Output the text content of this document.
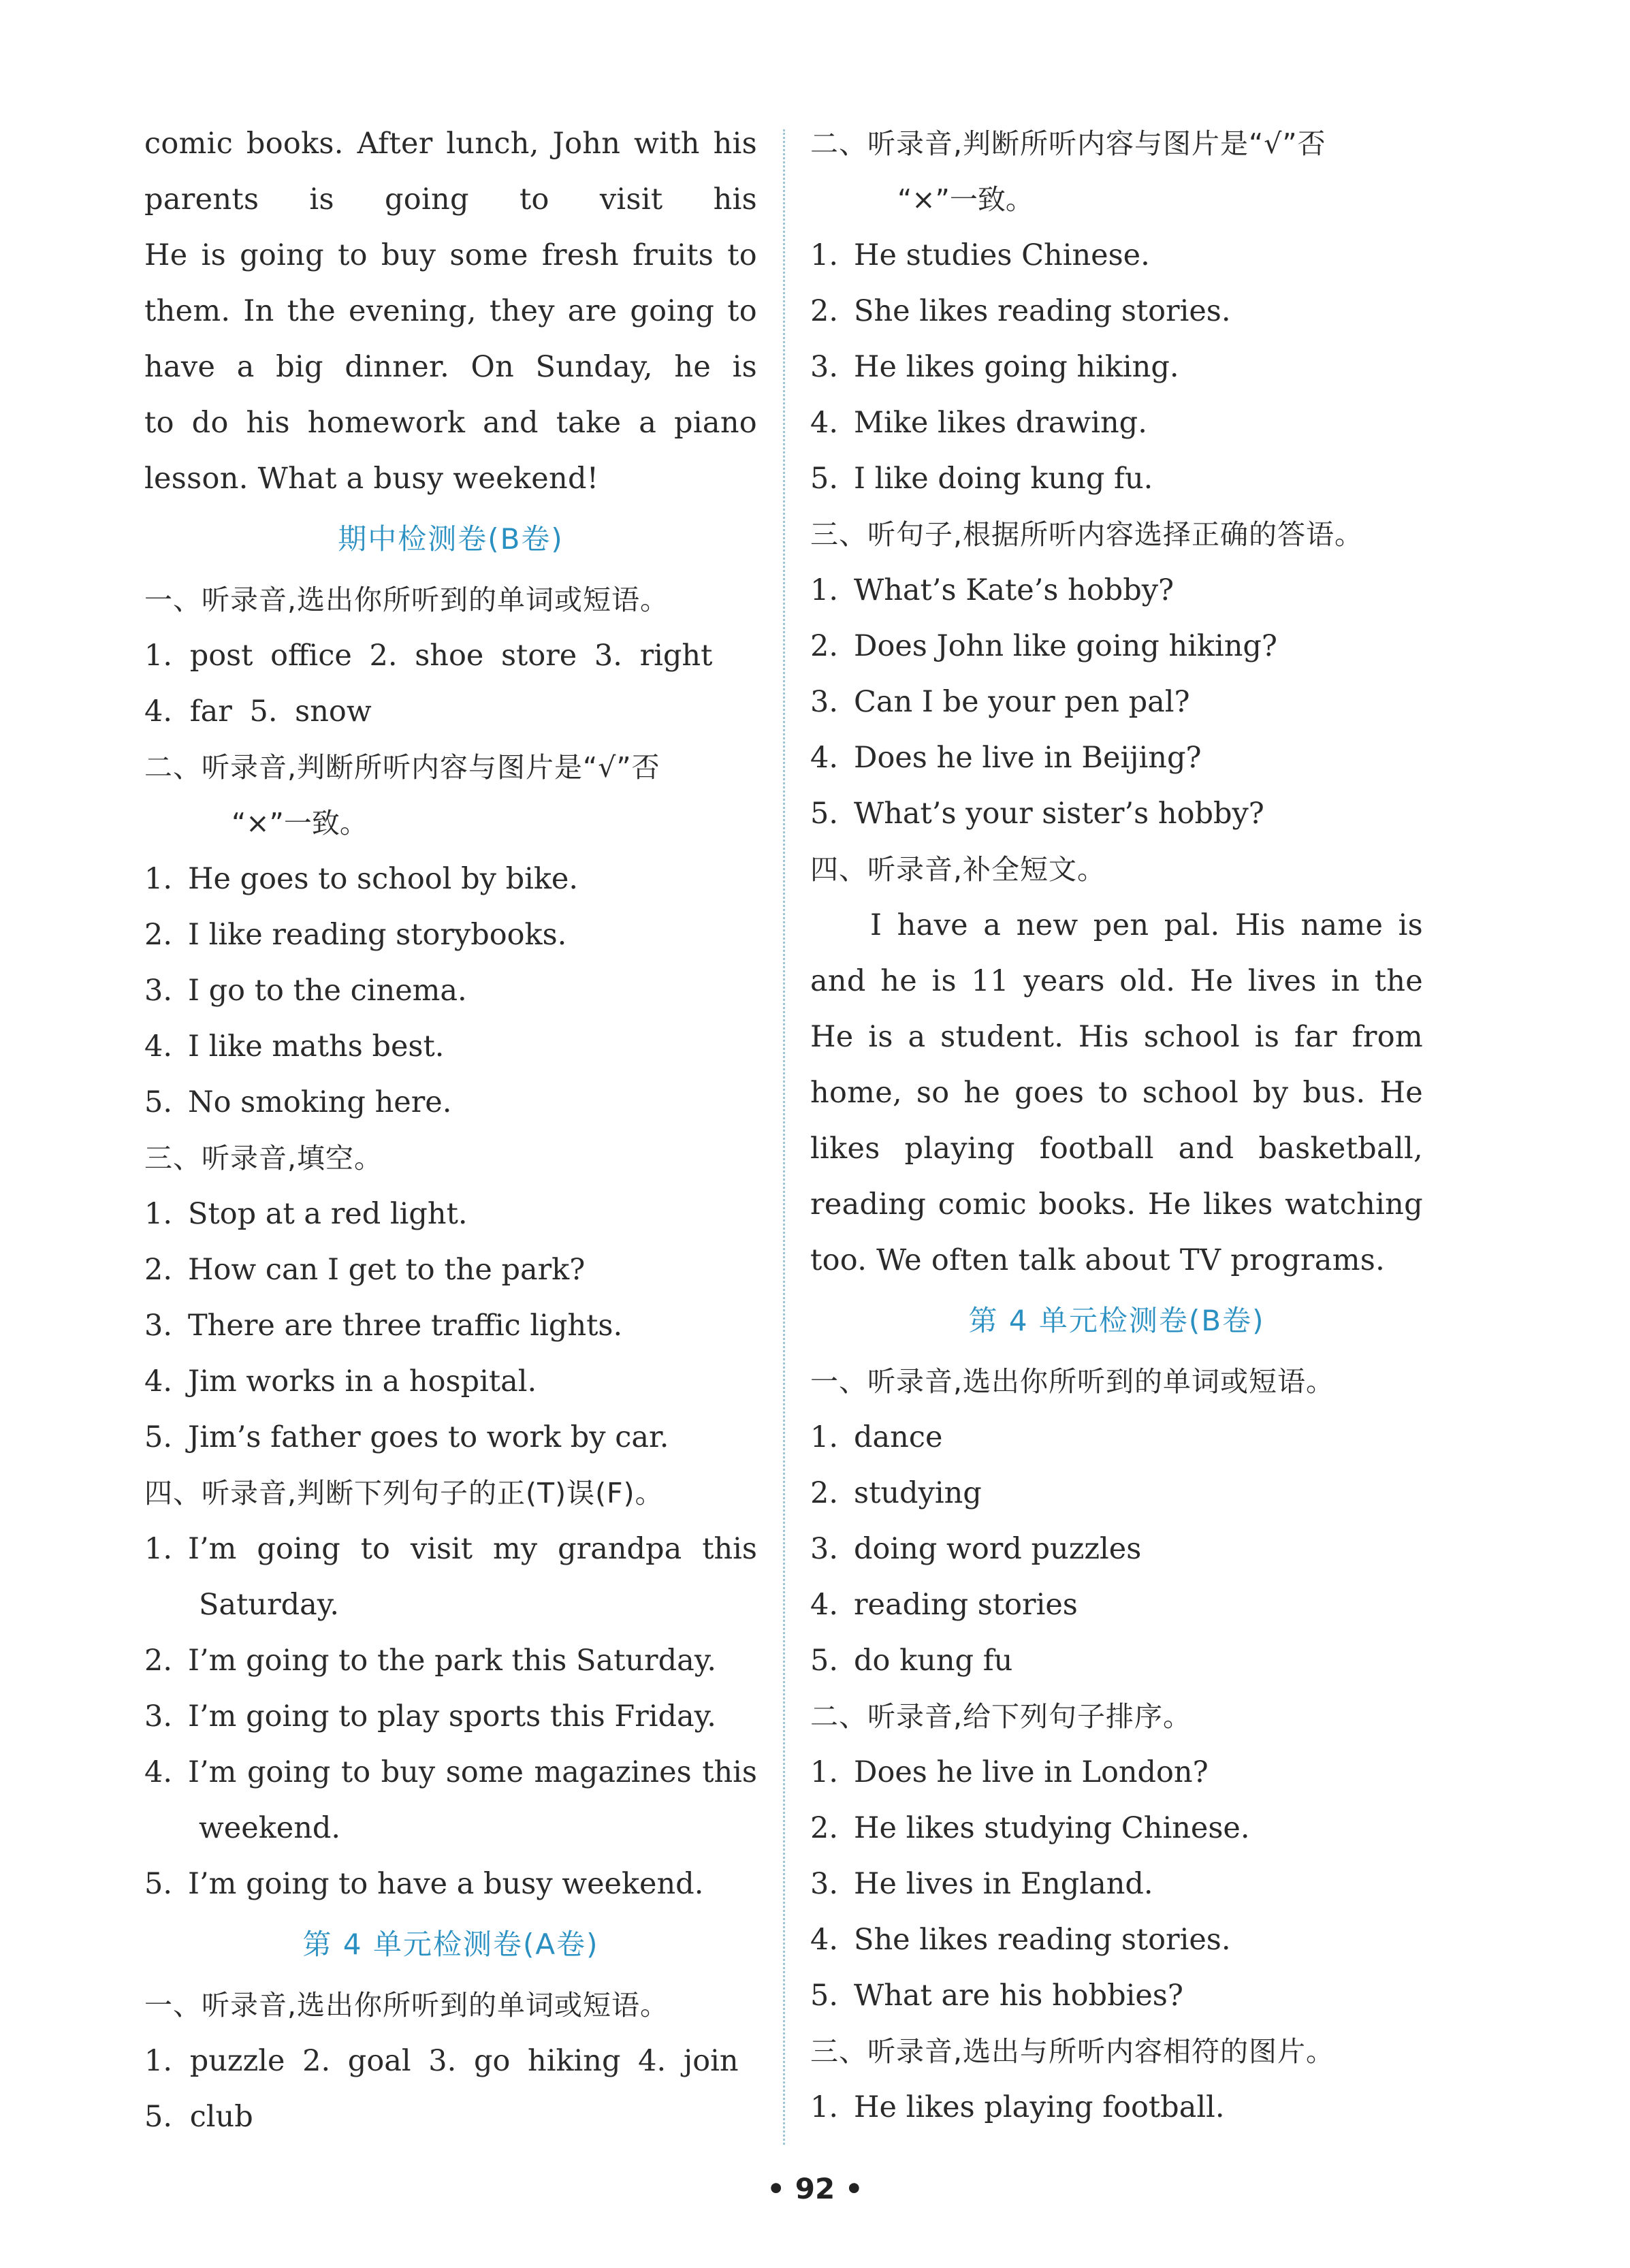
comic books. After lunch, John with his
parents is going to visit his
He is going to buy some fresh fruits to
them. In the evening, they are going to
have a big dinner. On Sunday, he is
to do his homework and take a piano
lesson. What a busy weekend!
期中检测卷(B卷)
一、听录音,选出你所听到的单词或短语。
1. post office 2. shoe store 3. right
4. far 5. snow
二、听录音,判断所听内容与图片是“√”否
“×”一致。
1. He goes to school by bike.
2. I like reading storybooks.
3. I go to the cinema.
4. I like maths best.
5. No smoking here.
三、听录音,填空。
1. Stop at a red light.
2. How can I get to the park?
3. There are three traffic lights.
4. Jim works in a hospital.
5. Jim’s father goes to work by car.
四、听录音,判断下列句子的正(T)误(F)。
1. I’m going to visit my grandpa this
Saturday.
2. I’m going to the park this Saturday.
3. I’m going to play sports this Friday.
4. I’m going to buy some magazines this
weekend.
5. I’m going to have a busy weekend.
第 4 单元检测卷(A卷)
一、听录音,选出你所听到的单词或短语。
1. puzzle 2. goal 3. go hiking 4. join
5. club
二、听录音,判断所听内容与图片是“√”否
“×”一致。
1. He studies Chinese.
2. She likes reading stories.
3. He likes going hiking.
4. Mike likes drawing.
5. I like doing kung fu.
三、听句子,根据所听内容选择正确的答语。
1. What’s Kate’s hobby?
2. Does John like going hiking?
3. Can I be your pen pal?
4. Does he live in Beijing?
5. What’s your sister’s hobby?
四、听录音,补全短文。
I have a new pen pal. His name is
and he is 11 years old. He lives in the
He is a student. His school is far from
home, so he goes to school by bus. He
likes playing football and basketball,
reading comic books. He likes watching
too. We often talk about TV programs.
第 4 单元检测卷(B卷)
一、听录音,选出你所听到的单词或短语。
1. dance
2. studying
3. doing word puzzles
4. reading stories
5. do kung fu
二、听录音,给下列句子排序。
1. Does he live in London?
2. He likes studying Chinese.
3. He lives in England.
4. She likes reading stories.
5. What are his hobbies?
三、听录音,选出与所听内容相符的图片。
1. He likes playing football.
• 92 •
